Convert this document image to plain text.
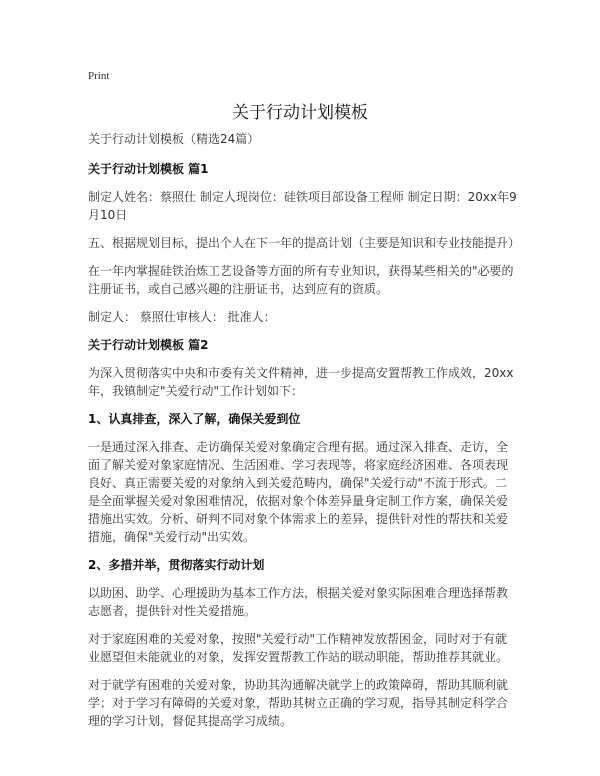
Print
关于行动计划模板

关于行动计划模板（精选24篇）

关于行动计划模板 篇1

制定人姓名：蔡照仕 制定人现岗位：硅铁项目部设备工程师 制定日期：20xx年9月10日

五、根据规划目标，提出个人在下一年的提高计划（主要是知识和专业技能提升）

在一年内掌握硅铁治炼工艺设备等方面的所有专业知识，获得某些相关的"必要的注册证书，或自己感兴趣的注册证书，达到应有的资质。

制定人： 蔡照仕审核人： 批准人：

关于行动计划模板 篇2

为深入贯彻落实中央和市委有关文件精神，进一步提高安置帮教工作成效，20xx年，我镇制定"关爱行动"工作计划如下：

1、认真排查，深入了解，确保关爱到位

一是通过深入排查、走访确保关爱对象确定合理有据。通过深入排查、走访，全面了解关爱对象家庭情况、生活困难、学习表现等，将家庭经济困难、各项表现良好、真正需要关爱的对象纳入到关爱范畴内，确保"关爱行动"不流于形式。二是全面掌握关爱对象困难情况，依据对象个体差异量身定制工作方案，确保关爱措施出实效。分析、研判不同对象个体需求上的差异，提供针对性的帮扶和关爱措施，确保"关爱行动"出实效。

2、多措并举，贯彻落实行动计划

以助困、助学、心理援助为基本工作方法，根据关爱对象实际困难合理选择帮教志愿者，提供针对性关爱措施。

对于家庭困难的关爱对象，按照"关爱行动"工作精神发放帮困金，同时对于有就业愿望但未能就业的对象，发挥安置帮教工作站的联动职能，帮助推荐其就业。

对于就学有困难的关爱对象，协助其沟通解决就学上的政策障碍，帮助其顺利就学；对于学习有障碍的关爱对象，帮助其树立正确的学习观，指导其制定科学合理的学习计划，督促其提高学习成绩。
